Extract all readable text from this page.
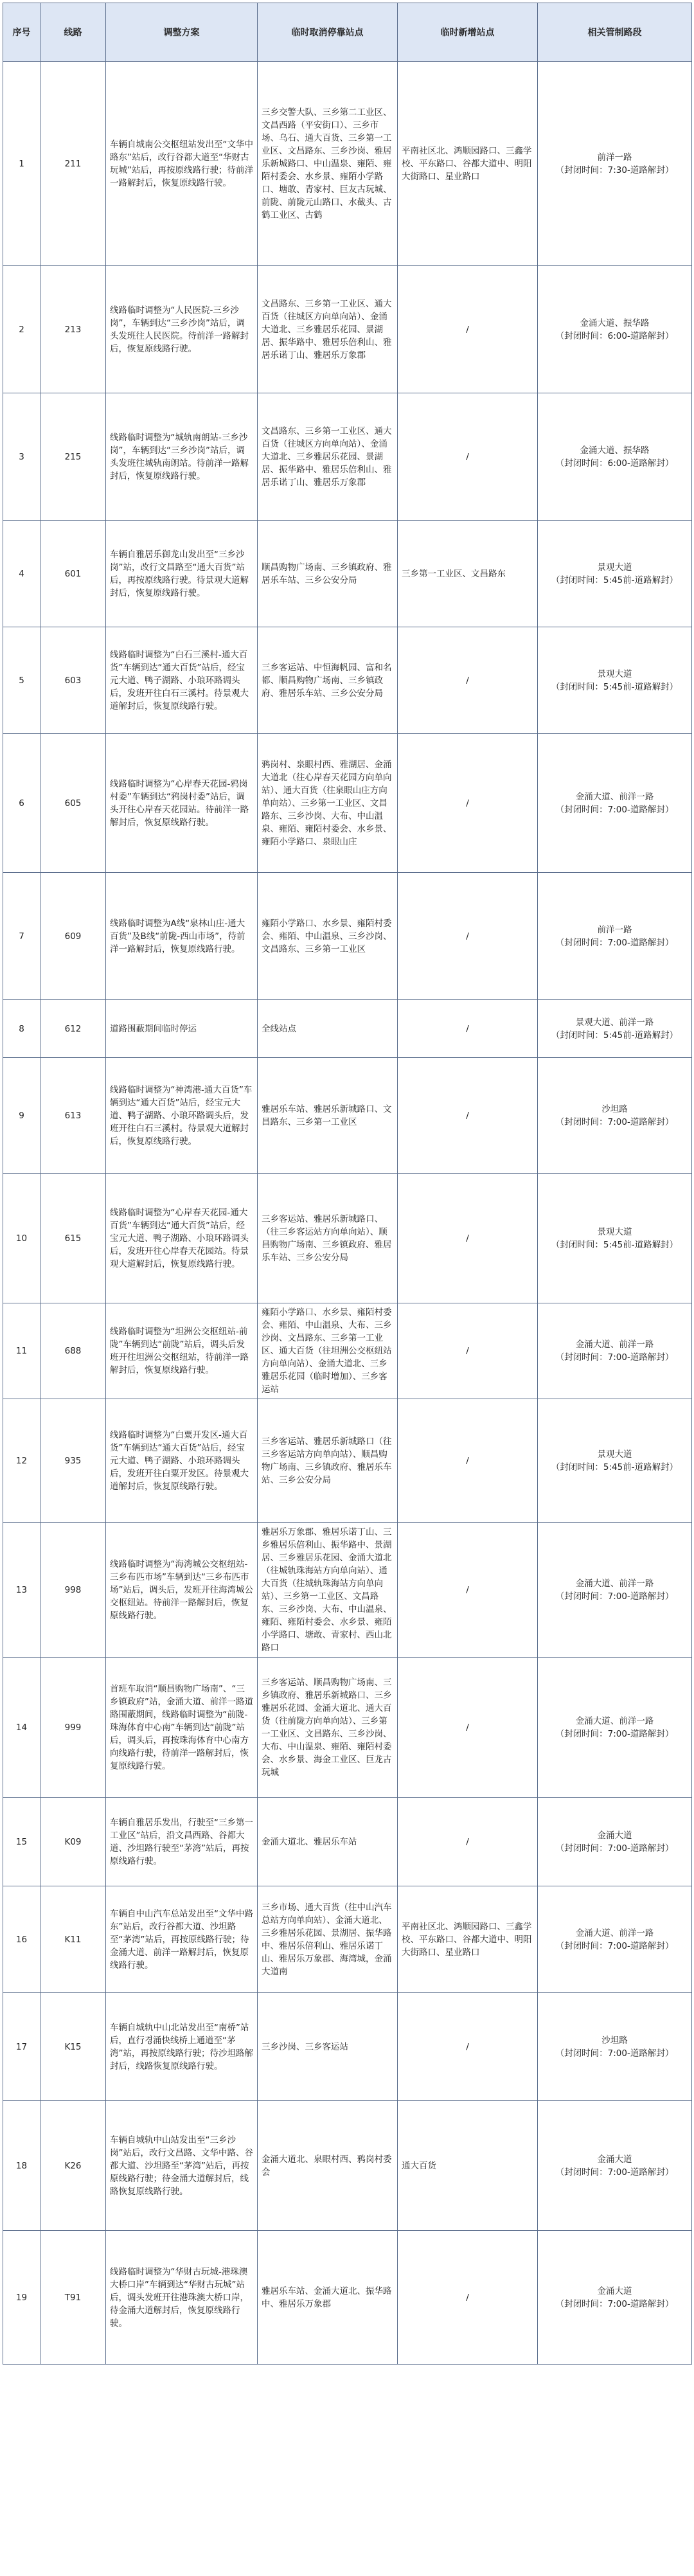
序号	线路	调整方案	临时取消停靠站点	临时新增站点	相关管制路段
1	211	车辆自城南公交枢纽站发出至“文华中路东”站后，改行谷都大道至“华财古玩城”站后，再按原线路行驶；待前洋一路解封后，恢复原线路行驶。	三乡交警大队、三乡第二工业区、文昌西路（平安街口）、三乡市场、乌石、通大百货、三乡第一工业区、文昌路东、三乡沙岗、雅居乐新城路口、中山温泉、雍陌、雍陌村委会、水乡景、雍陌小学路口、塘敢、青家村、巨友古玩城、前陇、前陇元山路口、水截头、古鹤工业区、古鹤	平南社区北、鸿顺园路口、三鑫学校、平东路口、谷都大道中、明阳大街路口、星业路口	前洋一路
（封闭时间：7:30-道路解封）

2	213	线路临时调整为“人民医院-三乡沙岗”，车辆到达“三乡沙岗”站后，调头发班往人民医院。待前洋一路解封后，恢复原线路行驶。	文昌路东、三乡第一工业区、通大百货（往城区方向单向站）、金涌大道北、三乡雅居乐花园、景湖居、振华路中、雅居乐倍利山、雅居乐诺丁山、雅居乐万象郡	/	金涌大道、振华路
（封闭时间：6:00-道路解封）

3	215	线路临时调整为“城轨南朗站-三乡沙岗”，车辆到达“三乡沙岗”站后，调头发班往城轨南朗站。待前洋一路解封后，恢复原线路行驶。	文昌路东、三乡第一工业区、通大百货（往城区方向单向站）、金涌大道北、三乡雅居乐花园、景湖居、振华路中、雅居乐倍利山、雅居乐诺丁山、雅居乐万象郡	/	金涌大道、振华路
（封闭时间：6:00-道路解封）

4	601	车辆自雅居乐御龙山发出至“三乡沙岗”站，改行文昌路至“通大百货”站后，再按原线路行驶。待景观大道解封后，恢复原线路行驶。	顺昌购物广场南、三乡镇政府、雅居乐车站、三乡公安分局	三乡第一工业区、文昌路东	景观大道
（封闭时间：5:45前-道路解封）

5	603	线路临时调整为“白石三溪村-通大百货”车辆到达“通大百货”站后，经宝元大道、鸭子湖路、小琅环路调头后，发班开往白石三溪村。待景观大道解封后，恢复原线路行驶。	三乡客运站、中恒海帆园、富和名都、顺昌购物广场南、三乡镇政府、雅居乐车站、三乡公安分局	/	景观大道
（封闭时间：5:45前-道路解封）

6	605	线路临时调整为“心岸春天花园-鸦岗村委”车辆到达“鸦岗村委”站后，调头开往心岸春天花园站。待前洋一路解封后，恢复原线路行驶。	鸦岗村、泉眼村西、雅湖居、金涌大道北（往心岸春天花园方向单向站）、通大百货（往泉眼山庄方向单向站）、三乡第一工业区、文昌路东、三乡沙岗、大布、中山温泉、雍陌、雍陌村委会、水乡景、雍陌小学路口、泉眼山庄	/	金涌大道、前洋一路
（封闭时间：7:00-道路解封）

7	609	线路临时调整为A线“泉林山庄-通大百货”及B线“前陇-西山市场”，待前洋一路解封后，恢复原线路行驶。	雍陌小学路口、水乡景、雍陌村委会、雍陌、中山温泉、三乡沙岗、文昌路东、三乡第一工业区	/	前洋一路
（封闭时间：7:00-道路解封）

8	612	道路围蔽期间临时停运	全线站点	/	景观大道、前洋一路
（封闭时间：5:45前-道路解封）

9	613	线路临时调整为“神湾港-通大百货”车辆到达“通大百货”站后，经宝元大道、鸭子湖路、小琅环路调头后，发班开往白石三溪村。待景观大道解封后，恢复原线路行驶。	雅居乐车站、雅居乐新城路口、文昌路东、三乡第一工业区	/	沙坦路
（封闭时间：7:00-道路解封）

10	615	线路临时调整为“心岸春天花园-通大百货”车辆到达“通大百货”站后，经宝元大道、鸭子湖路、小琅环路调头后，发班开往心岸春天花园站。待景观大道解封后，恢复原线路行驶。	三乡客运站、雅居乐新城路口、（往三乡客运站方向单向站）、顺昌购物广场南、三乡镇政府、雅居乐车站、三乡公安分局	/	景观大道
（封闭时间：5:45前-道路解封）

11	688	线路临时调整为“坦洲公交枢纽站-前陇”车辆到达“前陇”站后，调头后发班开往坦洲公交枢纽站，待前洋一路解封后，恢复原线路行驶。	雍陌小学路口、水乡景、雍陌村委会、雍陌、中山温泉、大布、三乡沙岗、文昌路东、三乡第一工业区、通大百货（往坦洲公交枢纽站方向单向站）、金涌大道北、三乡雅居乐花园（临时增加）、三乡客运站	/	金涌大道、前洋一路
（封闭时间：7:00-道路解封）

12	935	线路临时调整为“白粟开发区-通大百货”车辆到达“通大百货”站后，经宝元大道、鸭子湖路、小琅环路调头后，发班开往白粟开发区。待景观大道解封后，恢复原线路行驶。	三乡客运站、雅居乐新城路口（往三乡客运站方向单向站）、顺昌购物广场南、三乡镇政府、雅居乐车站、三乡公安分局	/	景观大道
（封闭时间：5:45前-道路解封）

13	998	线路临时调整为“海湾城公交枢纽站-三乡布匹市场”车辆到达“三乡布匹市场”站后，调头后，发班开往海湾城公交枢纽站。待前洋一路解封后，恢复原线路行驶。	雅居乐万象郡、雅居乐诺丁山、三乡雅居乐倍利山、振华路中、景湖居、三乡雅居乐花园、金涌大道北（往城轨珠海站方向单向站）、通大百货（往城轨珠海站方向单向站）、三乡第一工业区、文昌路东、三乡沙岗、大布、中山温泉、雍陌、雍陌村委会、水乡景、雍陌小学路口、塘敢、青家村、西山北路口	/	金涌大道、前洋一路
（封闭时间：7:00-道路解封）

14	999	首班车取消“顺昌购物广场南”、“三乡镇政府”站，金涌大道、前洋一路道路围蔽期间，线路临时调整为“前陇-珠海体育中心南”车辆到达“前陇”站后，调头后，再按珠海体育中心南方向线路行驶，待前洋一路解封后，恢复原线路行驶。	三乡客运站、顺昌购物广场南、三乡镇政府、雅居乐新城路口、三乡雅居乐花园、金涌大道北、通大百货（往前陇方向单向站）、三乡第一工业区、文昌路东、三乡沙岗、大布、中山温泉、雍陌、雍陌村委会、水乡景、海金工业区、巨龙古玩城	/	金涌大道、前洋一路
（封闭时间：7:00-道路解封）

15	K09	车辆自雅居乐发出，行驶至“三乡第一工业区”站后，沿文昌西路、谷都大道、沙坦路行驶至“茅湾”站后，再按原线路行驶。	金涌大道北、雅居乐车站	/	金涌大道
（封闭时间：7:00-道路解封）

16	K11	车辆自中山汽车总站发出至“文华中路东”站后，改行谷都大道、沙坦路至“茅湾”站后，再按原线路行驶；待金涌大道、前洋一路解封后，恢复原线路行驶。	三乡市场、通大百货（往中山汽车总站方向单向站）、金涌大道北、三乡雅居乐花园、景湖居、振华路中、雅居乐倍利山、雅居乐诺丁山、雅居乐万象郡、海湾城，金涌大道南	平南社区北、鸿顺园路口、三鑫学校、平东路口、谷都大道中、明阳大街路口、星业路口	金涌大道、前洋一路
（封闭时间：7:00-道路解封）

17	K15	车辆自城轨中山北站发出至“南桥”站后，直行경涌快线桥上通道至“茅湾”站，再按原线路行驶；待沙坦路解封后，线路恢复原线路行驶。	三乡沙岗、三乡客运站	/	沙坦路
（封闭时间：7:00-道路解封）

18	K26	车辆自城轨中山站发出至“三乡沙岗”站后，改行文昌路、文华中路、谷都大道、沙坦路至“茅湾”站后，再按原线路行驶；待金涌大道解封后，线路恢复原线路行驶。	金涌大道北、泉眼村西、鸦岗村委会	通大百货	金涌大道
（封闭时间：7:00-道路解封）

19	T91	线路临时调整为“华财古玩城-港珠澳大桥口岸”车辆到达“华财古玩城”站后，调头发班开往港珠澳大桥口岸，待金涌大道解封后，恢复原线路行驶。	雅居乐车站、金涌大道北、振华路中、雅居乐万象郡	/	金涌大道
（封闭时间：7:00-道路解封）
